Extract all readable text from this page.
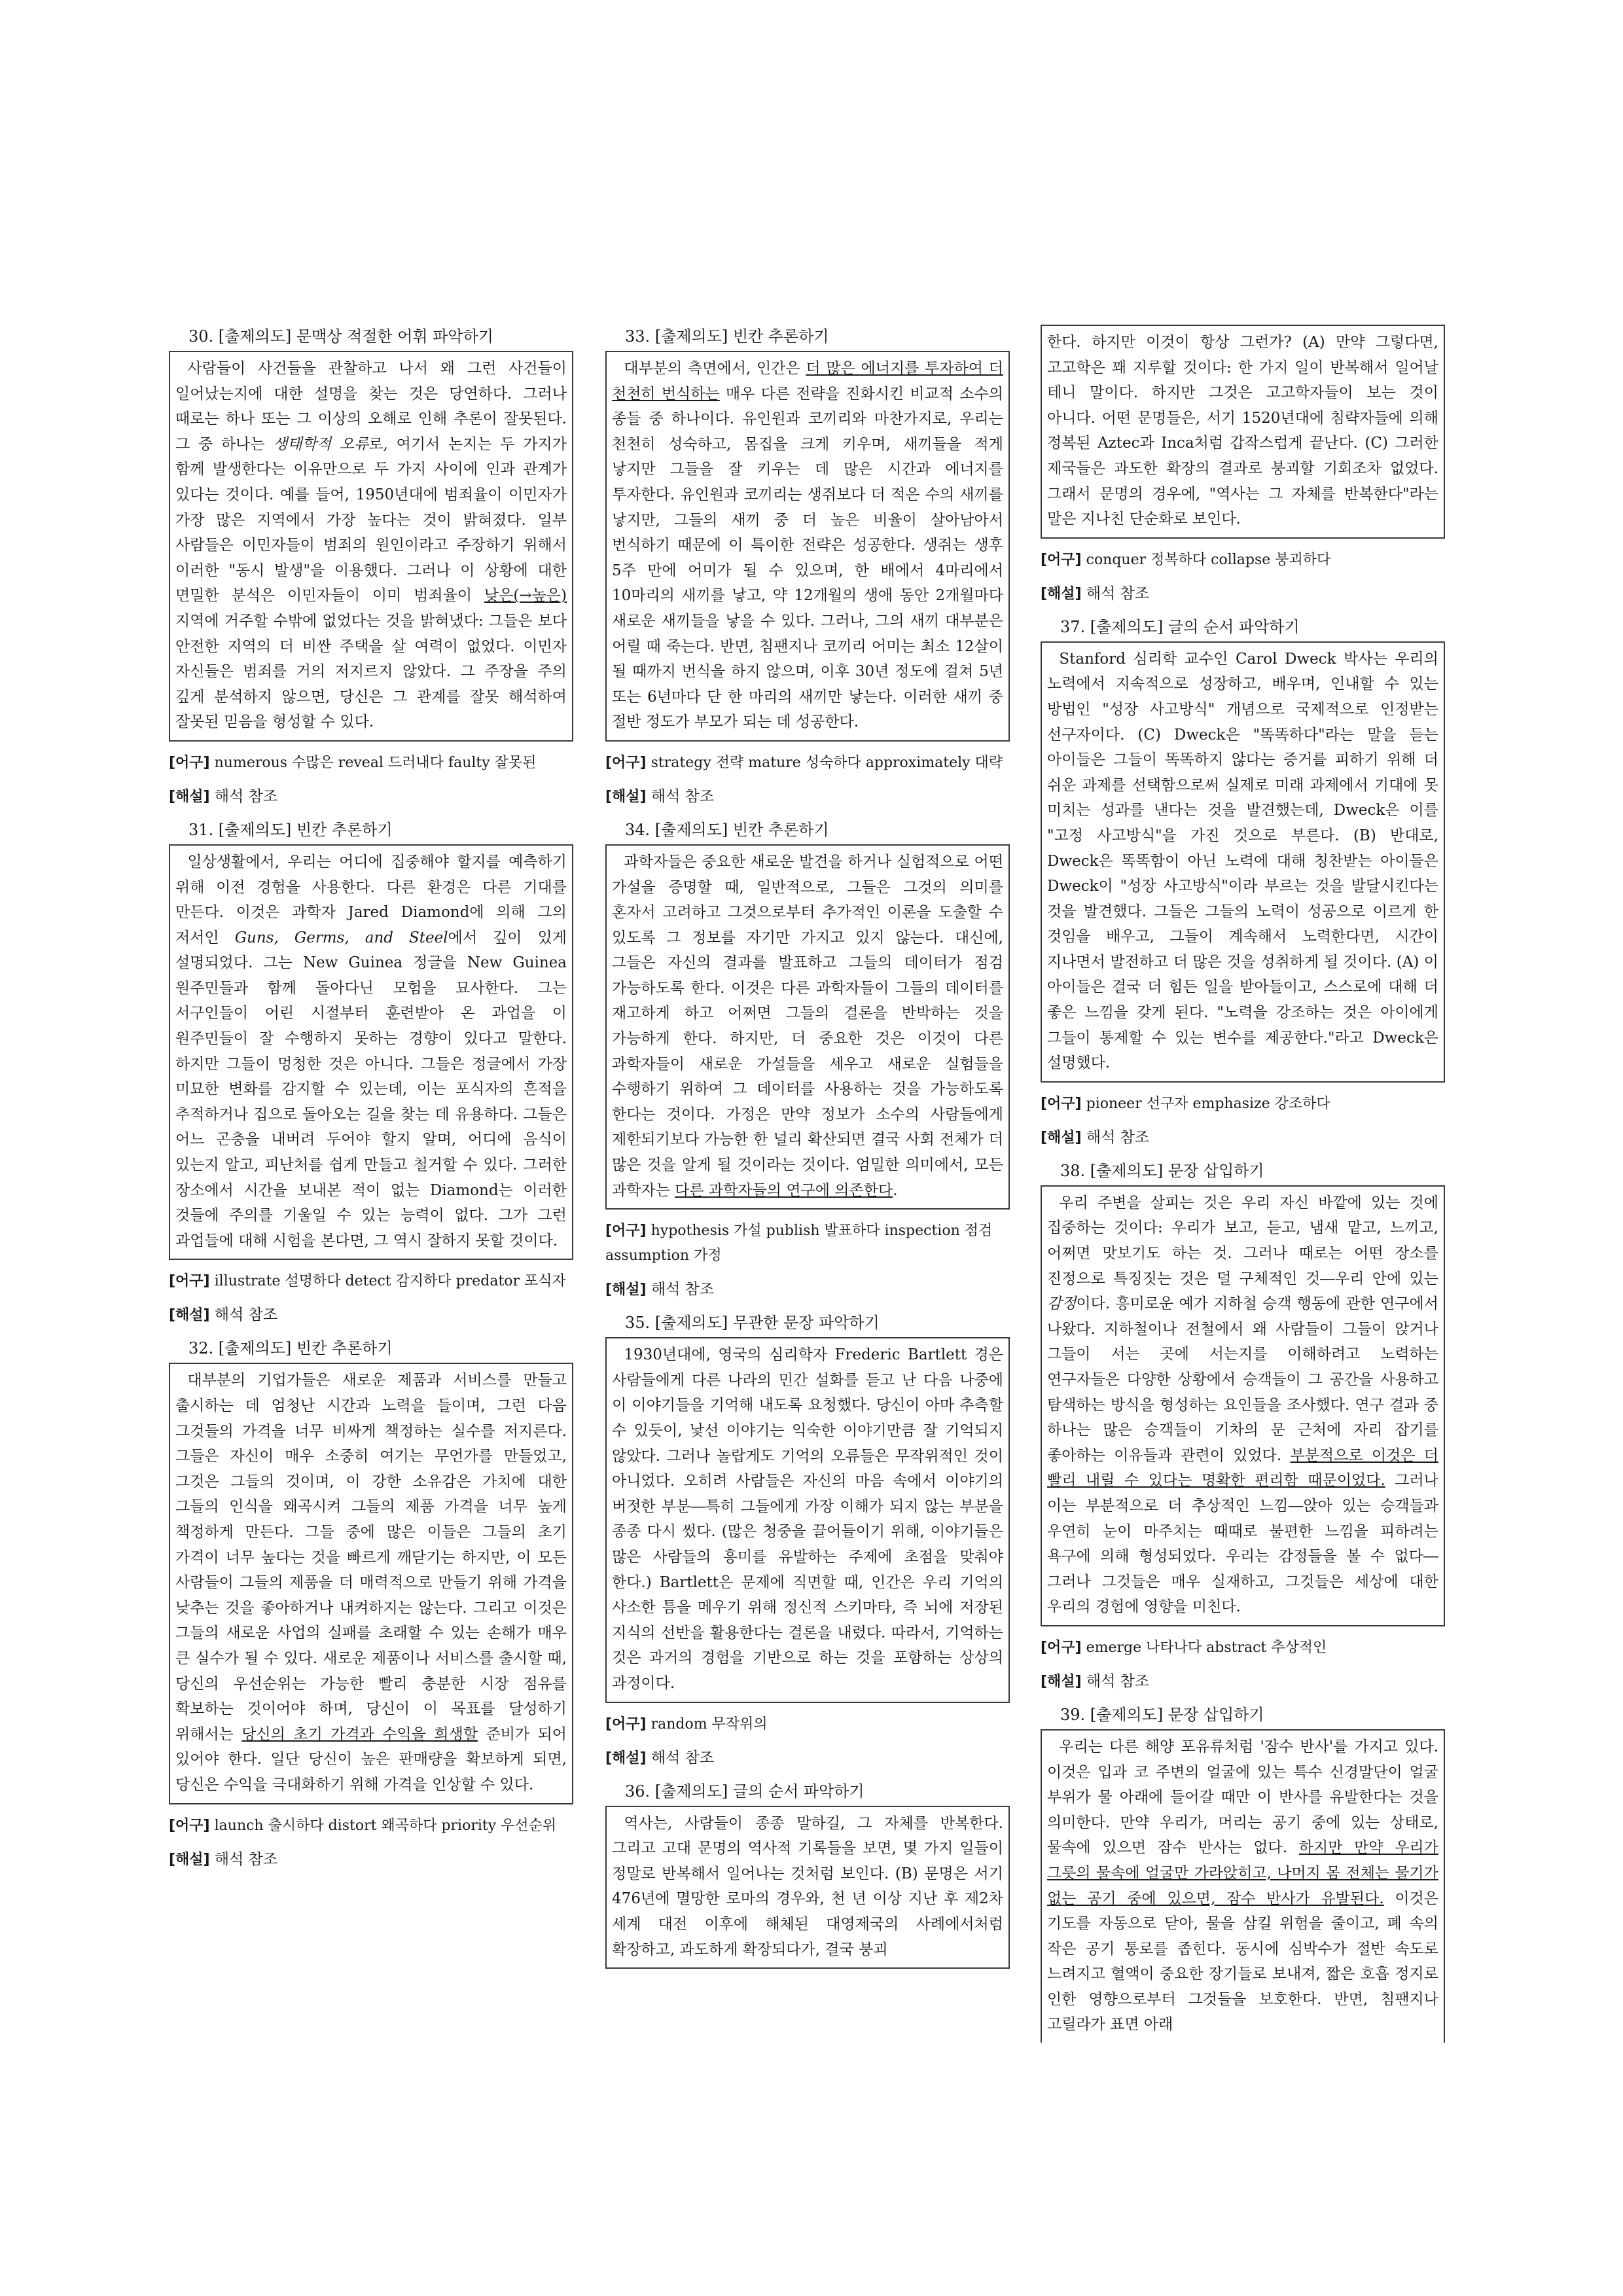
30. [출제의도] 문맥상 적절한 어휘 파악하기

사람들이 사건들을 관찰하고 나서 왜 그런 사건들이 일어났는지에 대한 설명을 찾는 것은 당연하다. 그러나 때로는 하나 또는 그 이상의 오해로 인해 추론이 잘못된다. 그 중 하나는 생태학적 오류로, 여기서 논지는 두 가지가 함께 발생한다는 이유만으로 두 가지 사이에 인과 관계가 있다는 것이다. 예를 들어, 1950년대에 범죄율이 이민자가 가장 많은 지역에서 가장 높다는 것이 밝혀졌다. 일부 사람들은 이민자들이 범죄의 원인이라고 주장하기 위해서 이러한 "동시 발생"을 이용했다. 그러나 이 상황에 대한 면밀한 분석은 이민자들이 이미 범죄율이 낮은(→높은) 지역에 거주할 수밖에 없었다는 것을 밝혀냈다: 그들은 보다 안전한 지역의 더 비싼 주택을 살 여력이 없었다. 이민자 자신들은 범죄를 거의 저지르지 않았다. 그 주장을 주의 깊게 분석하지 않으면, 당신은 그 관계를 잘못 해석하여 잘못된 믿음을 형성할 수 있다.

[어구] numerous 수많은 reveal 드러내다 faulty 잘못된
[해설] 해석 참조
31. [출제의도] 빈칸 추론하기

일상생활에서, 우리는 어디에 집중해야 할지를 예측하기 위해 이전 경험을 사용한다. 다른 환경은 다른 기대를 만든다. 이것은 과학자 Jared Diamond에 의해 그의 저서인 Guns, Germs, and Steel에서 깊이 있게 설명되었다. 그는 New Guinea 정글을 New Guinea 원주민들과 함께 돌아다닌 모험을 묘사한다. 그는 서구인들이 어린 시절부터 훈련받아 온 과업을 이 원주민들이 잘 수행하지 못하는 경향이 있다고 말한다. 하지만 그들이 멍청한 것은 아니다. 그들은 정글에서 가장 미묘한 변화를 감지할 수 있는데, 이는 포식자의 흔적을 추적하거나 집으로 돌아오는 길을 찾는 데 유용하다. 그들은 어느 곤충을 내버려 두어야 할지 알며, 어디에 음식이 있는지 알고, 피난처를 쉽게 만들고 철거할 수 있다. 그러한 장소에서 시간을 보내본 적이 없는 Diamond는 이러한 것들에 주의를 기울일 수 있는 능력이 없다. 그가 그런 과업들에 대해 시험을 본다면, 그 역시 잘하지 못할 것이다.

[어구] illustrate 설명하다 detect 감지하다 predator 포식자
[해설] 해석 참조
32. [출제의도] 빈칸 추론하기

대부분의 기업가들은 새로운 제품과 서비스를 만들고 출시하는 데 엄청난 시간과 노력을 들이며, 그런 다음 그것들의 가격을 너무 비싸게 책정하는 실수를 저지른다. 그들은 자신이 매우 소중히 여기는 무언가를 만들었고, 그것은 그들의 것이며, 이 강한 소유감은 가치에 대한 그들의 인식을 왜곡시켜 그들의 제품 가격을 너무 높게 책정하게 만든다. 그들 중에 많은 이들은 그들의 초기 가격이 너무 높다는 것을 빠르게 깨닫기는 하지만, 이 모든 사람들이 그들의 제품을 더 매력적으로 만들기 위해 가격을 낮추는 것을 좋아하거나 내켜하지는 않는다. 그리고 이것은 그들의 새로운 사업의 실패를 초래할 수 있는 손해가 매우 큰 실수가 될 수 있다. 새로운 제품이나 서비스를 출시할 때, 당신의 우선순위는 가능한 빨리 충분한 시장 점유를 확보하는 것이어야 하며, 당신이 이 목표를 달성하기 위해서는 당신의 초기 가격과 수익을 희생할 준비가 되어 있어야 한다. 일단 당신이 높은 판매량을 확보하게 되면, 당신은 수익을 극대화하기 위해 가격을 인상할 수 있다.

[어구] launch 출시하다 distort 왜곡하다 priority 우선순위
[해설] 해석 참조
33. [출제의도] 빈칸 추론하기

대부분의 측면에서, 인간은 더 많은 에너지를 투자하여 더 천천히 번식하는 매우 다른 전략을 진화시킨 비교적 소수의 종들 중 하나이다. 유인원과 코끼리와 마찬가지로, 우리는 천천히 성숙하고, 몸집을 크게 키우며, 새끼들을 적게 낳지만 그들을 잘 키우는 데 많은 시간과 에너지를 투자한다. 유인원과 코끼리는 생쥐보다 더 적은 수의 새끼를 낳지만, 그들의 새끼 중 더 높은 비율이 살아남아서 번식하기 때문에 이 특이한 전략은 성공한다. 생쥐는 생후 5주 만에 어미가 될 수 있으며, 한 배에서 4마리에서 10마리의 새끼를 낳고, 약 12개월의 생애 동안 2개월마다 새로운 새끼들을 낳을 수 있다. 그러나, 그의 새끼 대부분은 어릴 때 죽는다. 반면, 침팬지나 코끼리 어미는 최소 12살이 될 때까지 번식을 하지 않으며, 이후 30년 정도에 걸쳐 5년 또는 6년마다 단 한 마리의 새끼만 낳는다. 이러한 새끼 중 절반 정도가 부모가 되는 데 성공한다.

[어구] strategy 전략 mature 성숙하다 approximately 대략
[해설] 해석 참조
34. [출제의도] 빈칸 추론하기

과학자들은 중요한 새로운 발견을 하거나 실험적으로 어떤 가설을 증명할 때, 일반적으로, 그들은 그것의 의미를 혼자서 고려하고 그것으로부터 추가적인 이론을 도출할 수 있도록 그 정보를 자기만 가지고 있지 않는다. 대신에, 그들은 자신의 결과를 발표하고 그들의 데이터가 점검 가능하도록 한다. 이것은 다른 과학자들이 그들의 데이터를 재고하게 하고 어쩌면 그들의 결론을 반박하는 것을 가능하게 한다. 하지만, 더 중요한 것은 이것이 다른 과학자들이 새로운 가설들을 세우고 새로운 실험들을 수행하기 위하여 그 데이터를 사용하는 것을 가능하도록 한다는 것이다. 가정은 만약 정보가 소수의 사람들에게 제한되기보다 가능한 한 널리 확산되면 결국 사회 전체가 더 많은 것을 알게 될 것이라는 것이다. 엄밀한 의미에서, 모든 과학자는 다른 과학자들의 연구에 의존한다.

[어구] hypothesis 가설 publish 발표하다 inspection 점검 assumption 가정
[해설] 해석 참조
35. [출제의도] 무관한 문장 파악하기

1930년대에, 영국의 심리학자 Frederic Bartlett 경은 사람들에게 다른 나라의 민간 설화를 듣고 난 다음 나중에 이 이야기들을 기억해 내도록 요청했다. 당신이 아마 추측할 수 있듯이, 낯선 이야기는 익숙한 이야기만큼 잘 기억되지 않았다. 그러나 놀랍게도 기억의 오류들은 무작위적인 것이 아니었다. 오히려 사람들은 자신의 마음 속에서 이야기의 버젓한 부분―특히 그들에게 가장 이해가 되지 않는 부분을 종종 다시 썼다. (많은 청중을 끌어들이기 위해, 이야기들은 많은 사람들의 흥미를 유발하는 주제에 초점을 맞춰야 한다.) Bartlett은 문제에 직면할 때, 인간은 우리 기억의 사소한 틈을 메우기 위해 정신적 스키마타, 즉 뇌에 저장된 지식의 선반을 활용한다는 결론을 내렸다. 따라서, 기억하는 것은 과거의 경험을 기반으로 하는 것을 포함하는 상상의 과정이다.

[어구] random 무작위의
[해설] 해석 참조
36. [출제의도] 글의 순서 파악하기

역사는, 사람들이 종종 말하길, 그 자체를 반복한다. 그리고 고대 문명의 역사적 기록들을 보면, 몇 가지 일들이 정말로 반복해서 일어나는 것처럼 보인다. (B) 문명은 서기 476년에 멸망한 로마의 경우와, 천 년 이상 지난 후 제2차 세계 대전 이후에 해체된 대영제국의 사례에서처럼 확장하고, 과도하게 확장되다가, 결국 붕괴

한다. 하지만 이것이 항상 그런가? (A) 만약 그렇다면, 고고학은 꽤 지루할 것이다: 한 가지 일이 반복해서 일어날 테니 말이다. 하지만 그것은 고고학자들이 보는 것이 아니다. 어떤 문명들은, 서기 1520년대에 침략자들에 의해 정복된 Aztec과 Inca처럼 갑작스럽게 끝난다. (C) 그러한 제국들은 과도한 확장의 결과로 붕괴할 기회조차 없었다. 그래서 문명의 경우에, "역사는 그 자체를 반복한다"라는 말은 지나친 단순화로 보인다.

[어구] conquer 정복하다 collapse 붕괴하다
[해설] 해석 참조
37. [출제의도] 글의 순서 파악하기

Stanford 심리학 교수인 Carol Dweck 박사는 우리의 노력에서 지속적으로 성장하고, 배우며, 인내할 수 있는 방법인 "성장 사고방식" 개념으로 국제적으로 인정받는 선구자이다. (C) Dweck은 "똑똑하다"라는 말을 듣는 아이들은 그들이 똑똑하지 않다는 증거를 피하기 위해 더 쉬운 과제를 선택함으로써 실제로 미래 과제에서 기대에 못 미치는 성과를 낸다는 것을 발견했는데, Dweck은 이를 "고정 사고방식"을 가진 것으로 부른다. (B) 반대로, Dweck은 똑똑함이 아닌 노력에 대해 칭찬받는 아이들은 Dweck이 "성장 사고방식"이라 부르는 것을 발달시킨다는 것을 발견했다. 그들은 그들의 노력이 성공으로 이르게 한 것임을 배우고, 그들이 계속해서 노력한다면, 시간이 지나면서 발전하고 더 많은 것을 성취하게 될 것이다. (A) 이 아이들은 결국 더 힘든 일을 받아들이고, 스스로에 대해 더 좋은 느낌을 갖게 된다. "노력을 강조하는 것은 아이에게 그들이 통제할 수 있는 변수를 제공한다."라고 Dweck은 설명했다.

[어구] pioneer 선구자 emphasize 강조하다
[해설] 해석 참조
38. [출제의도] 문장 삽입하기

우리 주변을 살피는 것은 우리 자신 바깥에 있는 것에 집중하는 것이다: 우리가 보고, 듣고, 냄새 맡고, 느끼고, 어쩌면 맛보기도 하는 것. 그러나 때로는 어떤 장소를 진정으로 특징짓는 것은 덜 구체적인 것―우리 안에 있는 감정이다. 흥미로운 예가 지하철 승객 행동에 관한 연구에서 나왔다. 지하철이나 전철에서 왜 사람들이 그들이 앉거나 그들이 서는 곳에 서는지를 이해하려고 노력하는 연구자들은 다양한 상황에서 승객들이 그 공간을 사용하고 탐색하는 방식을 형성하는 요인들을 조사했다. 연구 결과 중 하나는 많은 승객들이 기차의 문 근처에 자리 잡기를 좋아하는 이유들과 관련이 있었다. 부분적으로 이것은 더 빨리 내릴 수 있다는 명확한 편리함 때문이었다. 그러나 이는 부분적으로 더 추상적인 느낌―앉아 있는 승객들과 우연히 눈이 마주치는 때때로 불편한 느낌을 피하려는 욕구에 의해 형성되었다. 우리는 감정들을 볼 수 없다―그러나 그것들은 매우 실재하고, 그것들은 세상에 대한 우리의 경험에 영향을 미친다.

[어구] emerge 나타나다 abstract 추상적인
[해설] 해석 참조
39. [출제의도] 문장 삽입하기

우리는 다른 해양 포유류처럼 '잠수 반사'를 가지고 있다. 이것은 입과 코 주변의 얼굴에 있는 특수 신경말단이 얼굴 부위가 물 아래에 들어갈 때만 이 반사를 유발한다는 것을 의미한다. 만약 우리가, 머리는 공기 중에 있는 상태로, 물속에 있으면 잠수 반사는 없다. 하지만 만약 우리가 그릇의 물속에 얼굴만 가라앉히고, 나머지 몸 전체는 물기가 없는 공기 중에 있으면, 잠수 반사가 유발된다. 이것은 기도를 자동으로 닫아, 물을 삼킬 위험을 줄이고, 폐 속의 작은 공기 통로를 좁힌다. 동시에 심박수가 절반 속도로 느려지고 혈액이 중요한 장기들로 보내져, 짧은 호흡 정지로 인한 영향으로부터 그것들을 보호한다. 반면, 침팬지나 고릴라가 표면 아래
